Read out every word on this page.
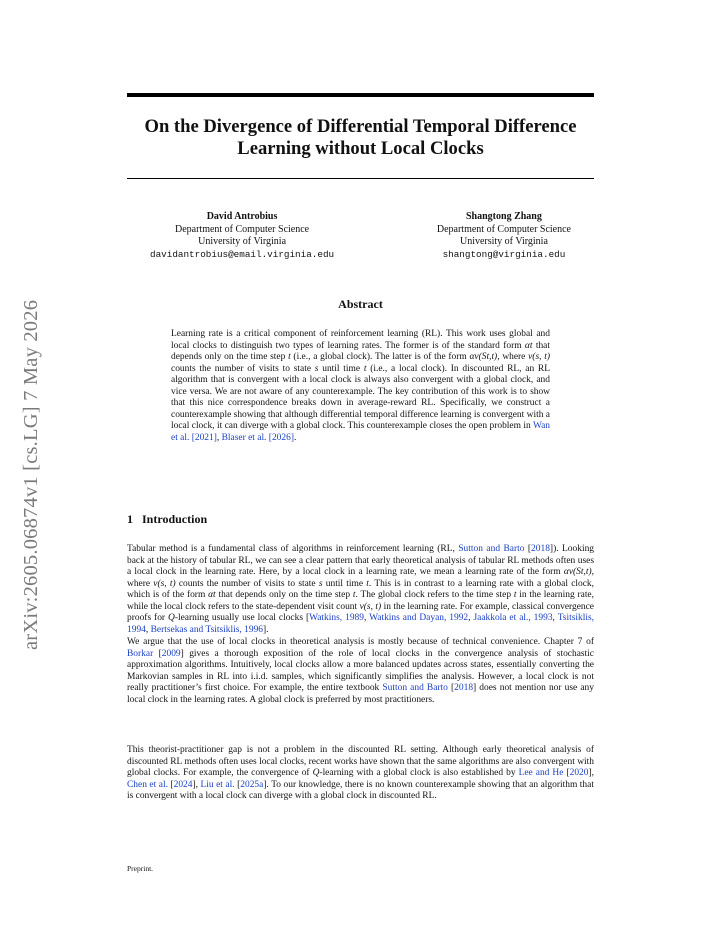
arXiv:2605.06874v1 [cs.LG] 7 May 2026
On the Divergence of Differential Temporal Difference Learning without Local Clocks
David Antrobius
Department of Computer Science
University of Virginia
davidantrobius@email.virginia.edu
Shangtong Zhang
Department of Computer Science
University of Virginia
shangtong@virginia.edu
Abstract

Learning rate is a critical component of reinforcement learning (RL). This work uses global and local clocks to distinguish two types of learning rates. The former is of the standard form αt that depends only on the time step t (i.e., a global clock). The latter is of the form αν(St,t), where ν(s, t) counts the number of visits to state s until time t (i.e., a local clock). In discounted RL, an RL algorithm that is convergent with a local clock is always also convergent with a global clock, and vice versa. We are not aware of any counterexample. The key contribution of this work is to show that this nice correspondence breaks down in average-reward RL. Specifically, we construct a counterexample showing that although differential temporal difference learning is convergent with a local clock, it can diverge with a global clock. This counterexample closes the open problem in Wan et al. [2021], Blaser et al. [2026].

1 Introduction

Tabular method is a fundamental class of algorithms in reinforcement learning (RL, Sutton and Barto [2018]). Looking back at the history of tabular RL, we can see a clear pattern that early theoretical analysis of tabular RL methods often uses a local clock in the learning rate. Here, by a local clock in a learning rate, we mean a learning rate of the form αν(St,t), where ν(s, t) counts the number of visits to state s until time t. This is in contrast to a learning rate with a global clock, which is of the form αt that depends only on the time step t. The global clock refers to the time step t in the learning rate, while the local clock refers to the state-dependent visit count ν(s, t) in the learning rate. For example, classical convergence proofs for Q-learning usually use local clocks [Watkins, 1989, Watkins and Dayan, 1992, Jaakkola et al., 1993, Tsitsiklis, 1994, Bertsekas and Tsitsiklis, 1996].

We argue that the use of local clocks in theoretical analysis is mostly because of technical convenience. Chapter 7 of Borkar [2009] gives a thorough exposition of the role of local clocks in the convergence analysis of stochastic approximation algorithms. Intuitively, local clocks allow a more balanced updates across states, essentially converting the Markovian samples in RL into i.i.d. samples, which significantly simplifies the analysis. However, a local clock is not really practitioner’s first choice. For example, the entire textbook Sutton and Barto [2018] does not mention nor use any local clock in the learning rates. A global clock is preferred by most practitioners.

This theorist-practitioner gap is not a problem in the discounted RL setting. Although early theoretical analysis of discounted RL methods often uses local clocks, recent works have shown that the same algorithms are also convergent with global clocks. For example, the convergence of Q-learning with a global clock is also established by Lee and He [2020], Chen et al. [2024], Liu et al. [2025a]. To our knowledge, there is no known counterexample showing that an algorithm that is convergent with a local clock can diverge with a global clock in discounted RL.

Preprint.
